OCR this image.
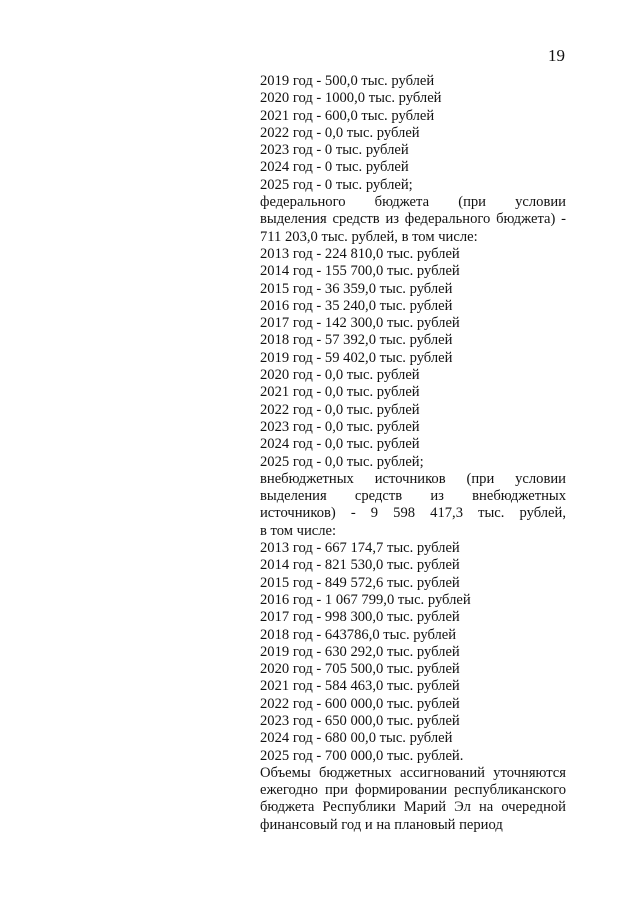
19
2019 год - 500,0 тыс. рублей
2020 год - 1000,0 тыс. рублей
2021 год - 600,0 тыс. рублей
2022 год - 0,0 тыс. рублей
2023 год - 0 тыс. рублей
2024 год - 0 тыс. рублей
2025 год - 0 тыс. рублей;
федерального бюджета (при условии
выделения средств из федерального бюджета) -
711 203,0 тыс. рублей, в том числе:
2013 год - 224 810,0 тыс. рублей
2014 год - 155 700,0 тыс. рублей
2015 год - 36 359,0 тыс. рублей
2016 год - 35 240,0 тыс. рублей
2017 год - 142 300,0 тыс. рублей
2018 год - 57 392,0 тыс. рублей
2019 год - 59 402,0 тыс. рублей
2020 год - 0,0 тыс. рублей
2021 год - 0,0 тыс. рублей
2022 год - 0,0 тыс. рублей
2023 год - 0,0 тыс. рублей
2024 год - 0,0 тыс. рублей
2025 год - 0,0 тыс. рублей;
внебюджетных источников (при условии
выделения средств из внебюджетных
источников) - 9 598 417,3 тыс. рублей,
в том числе:
2013 год - 667 174,7 тыс. рублей
2014 год - 821 530,0 тыс. рублей
2015 год - 849 572,6 тыс. рублей
2016 год - 1 067 799,0 тыс. рублей
2017 год - 998 300,0 тыс. рублей
2018 год - 643786,0 тыс. рублей
2019 год - 630 292,0 тыс. рублей
2020 год - 705 500,0 тыс. рублей
2021 год - 584 463,0 тыс. рублей
2022 год - 600 000,0 тыс. рублей
2023 год - 650 000,0 тыс. рублей
2024 год - 680 00,0 тыс. рублей
2025 год - 700 000,0 тыс. рублей.
Объемы бюджетных ассигнований уточняются
ежегодно при формировании республиканского
бюджета Республики Марий Эл на очередной
финансовый год и на плановый период
